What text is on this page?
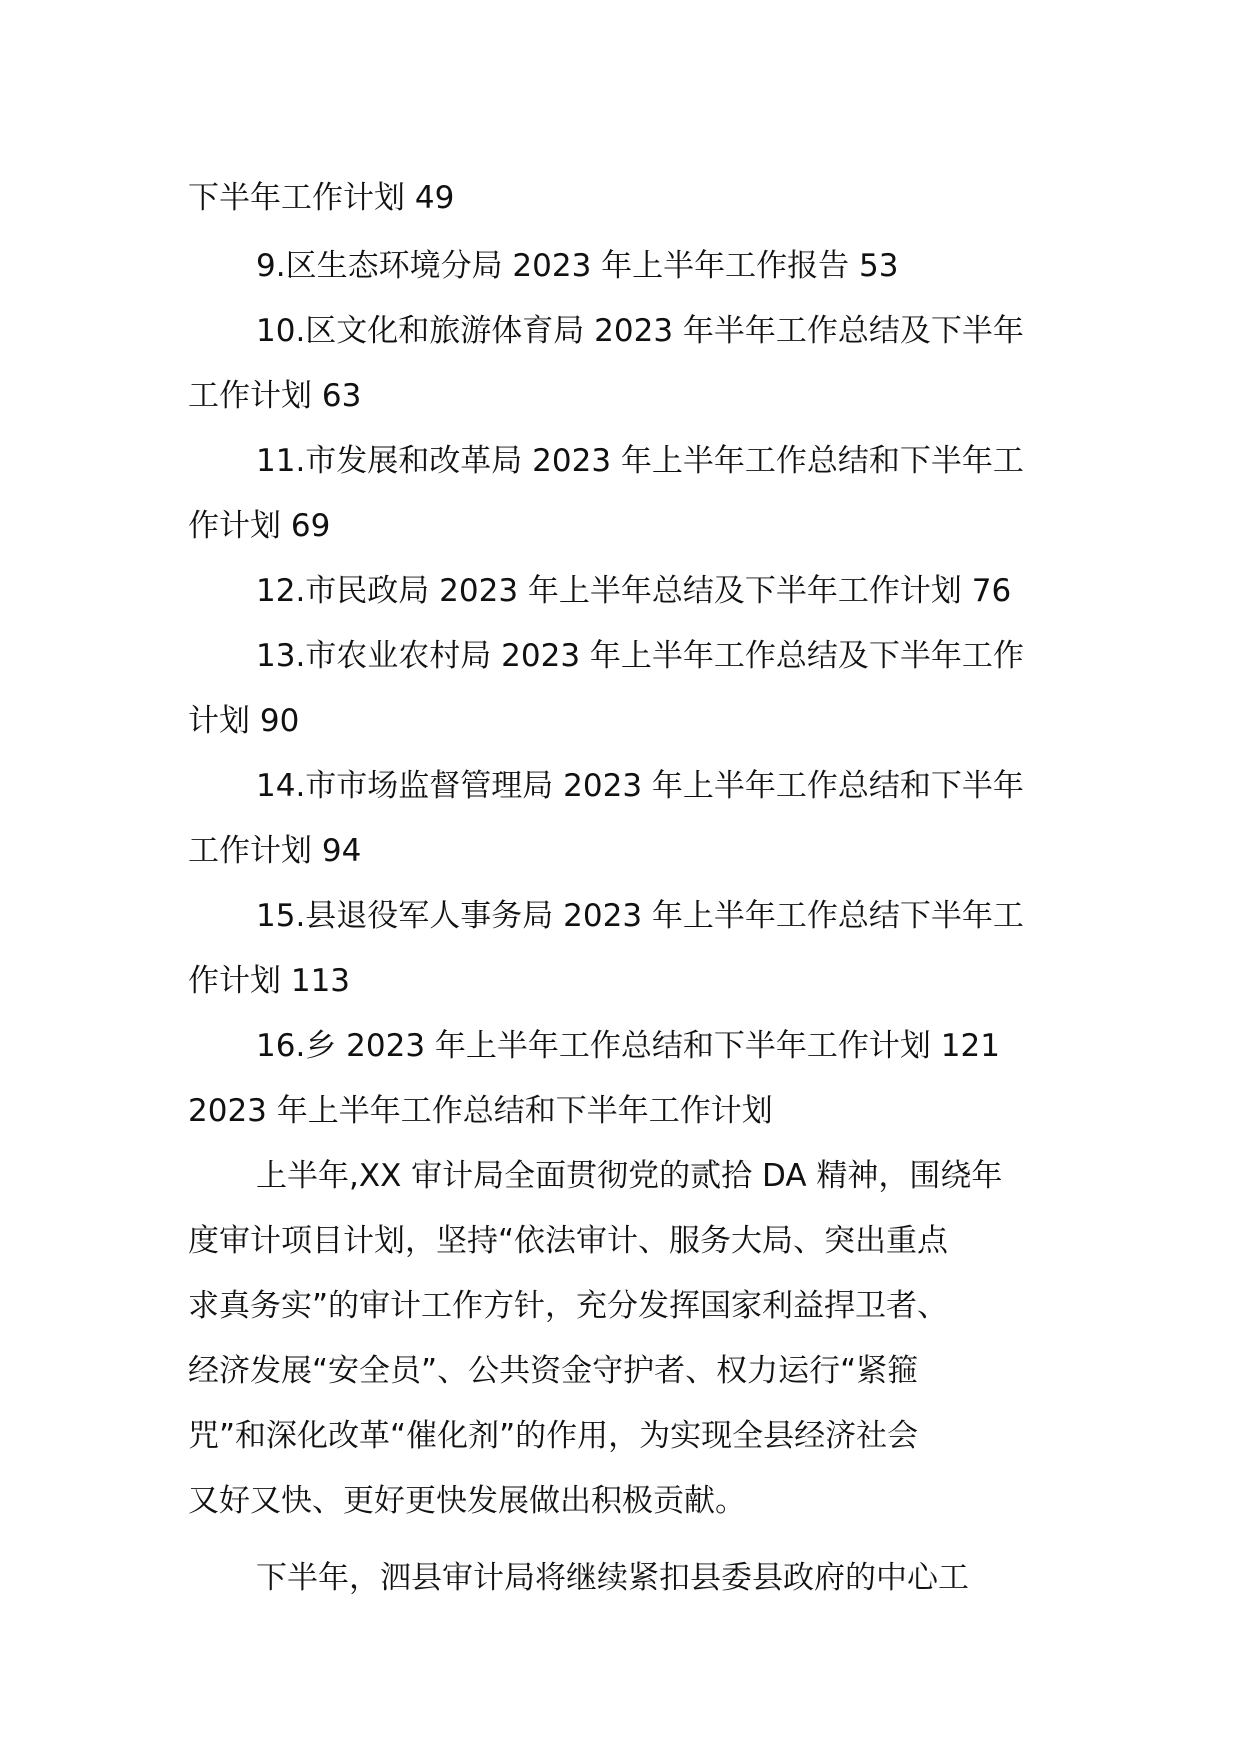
下半年工作计划 49
9.区生态环境分局 2023 年上半年工作报告 53
10.区文化和旅游体育局 2023 年半年工作总结及下半年
工作计划 63
11.市发展和改革局 2023 年上半年工作总结和下半年工
作计划 69
12.市民政局 2023 年上半年总结及下半年工作计划 76
13.市农业农村局 2023 年上半年工作总结及下半年工作
计划 90
14.市市场监督管理局 2023 年上半年工作总结和下半年
工作计划 94
15.县退役军人事务局 2023 年上半年工作总结下半年工
作计划 113
16.乡 2023 年上半年工作总结和下半年工作计划 121
2023 年上半年工作总结和下半年工作计划
上半年,XX 审计局全面贯彻党的贰拾 DA 精神，围绕年
度审计项目计划，坚持“依法审计、服务大局、突出重点
求真务实”的审计工作方针，充分发挥国家利益捍卫者、
经济发展“安全员”、公共资金守护者、权力运行“紧箍
咒”和深化改革“催化剂”的作用，为实现全县经济社会
又好又快、更好更快发展做出积极贡献。
下半年，泗县审计局将继续紧扣县委县政府的中心工
